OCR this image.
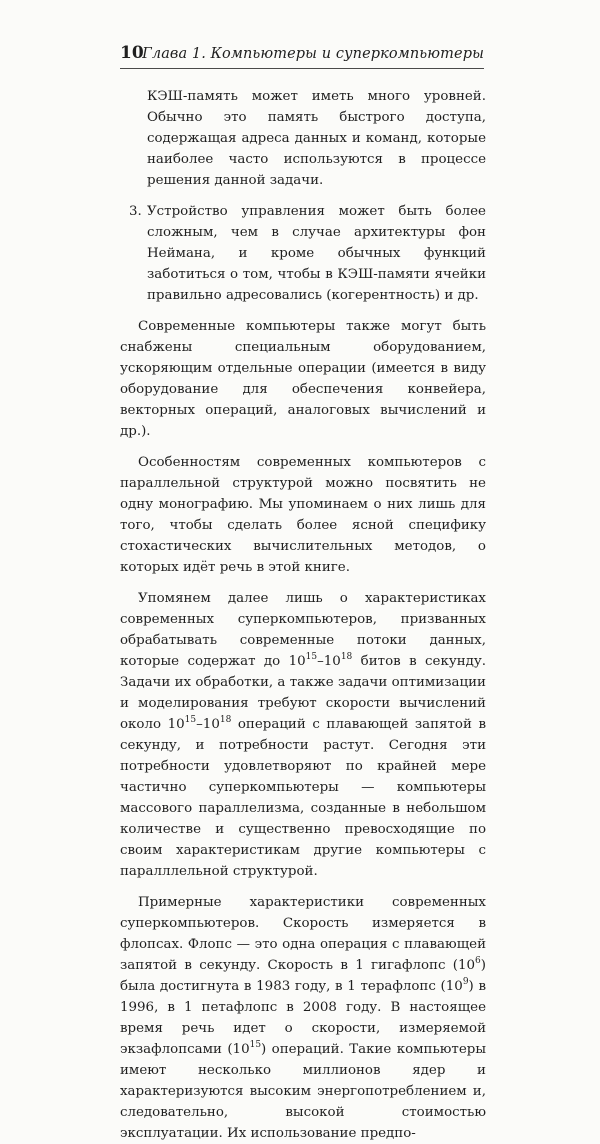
10
Глава 1. Компьютеры и суперкомпьютеры
КЭШ-память может иметь много уровней. Обычно это память быстрого доступа, содержащая адреса данных и команд, которые наиболее часто используются в процессе решения данной задачи.
3. Устройство управления может быть более сложным, чем в случае архитектуры фон Неймана, и кроме обычных функций заботиться о том, чтобы в КЭШ-памяти ячейки правильно адресовались (когерентность) и др.

Современные компьютеры также могут быть снабжены специальным оборудованием, ускоряющим отдельные операции (имеется в виду оборудование для обеспечения конвейера, векторных операций, аналоговых вычислений и др.).

Особенностям современных компьютеров с параллельной структурой можно посвятить не одну монографию. Мы упоминаем о них лишь для того, чтобы сделать более ясной специфику стохастических вычислительных методов, о которых идёт речь в этой книге.

Упомянем далее лишь о характеристиках современных суперкомпьютеров, призванных обрабатывать современные потоки данных, которые содержат до $10^{15}-10^{18}$ битов в секунду. Задачи их обработки, а также задачи оптимизации и моделирования требуют скорости вычислений около $10^{15}-10^{18}$ операций с плавающей запятой в секунду, и потребности растут. Сегодня эти потребности удовлетворяют по крайней мере частично суперкомпьютеры — компьютеры массового параллелизма, созданные в небольшом количестве и существенно превосходящие по своим характеристикам другие компьютеры с паралллельной структурой.

Примерные характеристики современных суперкомпьютеров. Скорость измеряется в флопсах. Флопс — это одна операция с плавающей запятой в секунду. Скорость в 1 гигафлопс $(10^6)$ была достигнута в 1983 году, в 1 терафлопс $(10^9)$ в 1996, в 1 петафлопс в 2008 году. В настоящее время речь идет о скорости, измеряемой экзафлопсами $(10^{15})$ операций. Такие компьютеры имеют несколько миллионов ядер и характеризуются высоким энергопотреблением и, следовательно, высокой стоимостью эксплуатации. Их использование предпо-
